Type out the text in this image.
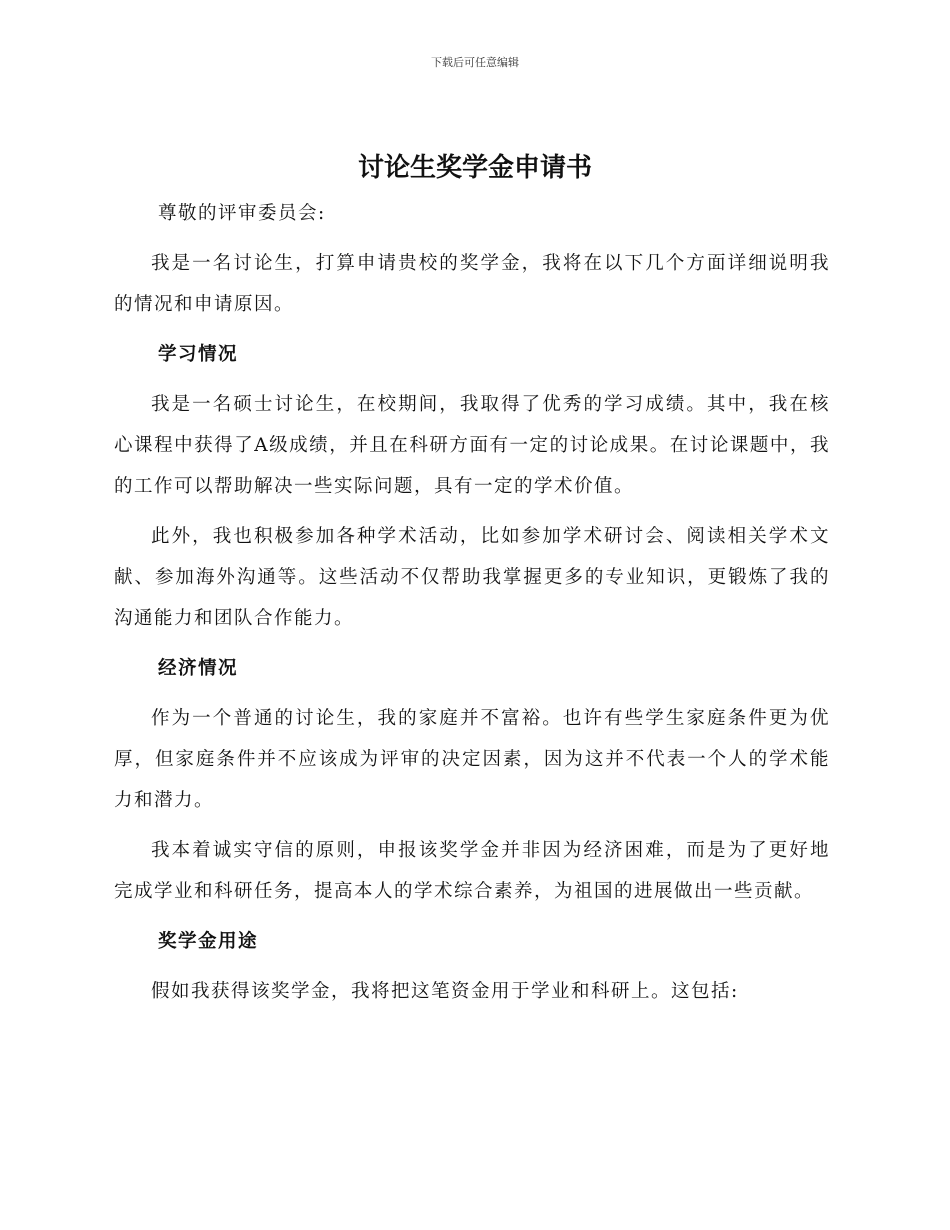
下载后可任意编辑
讨论生奖学金申请书

尊敬的评审委员会:

我是一名讨论生，打算申请贵校的奖学金，我将在以下几个方面详细说明我的情况和申请原因。

学习情况

我是一名硕士讨论生，在校期间，我取得了优秀的学习成绩。其中，我在核心课程中获得了A级成绩，并且在科研方面有一定的讨论成果。在讨论课题中，我的工作可以帮助解决一些实际问题，具有一定的学术价值。

此外，我也积极参加各种学术活动，比如参加学术研讨会、阅读相关学术文献、参加海外沟通等。这些活动不仅帮助我掌握更多的专业知识，更锻炼了我的沟通能力和团队合作能力。

经济情况

作为一个普通的讨论生，我的家庭并不富裕。也许有些学生家庭条件更为优厚，但家庭条件并不应该成为评审的决定因素，因为这并不代表一个人的学术能力和潜力。

我本着诚实守信的原则，申报该奖学金并非因为经济困难，而是为了更好地完成学业和科研任务，提高本人的学术综合素养，为祖国的进展做出一些贡献。

奖学金用途

假如我获得该奖学金，我将把这笔资金用于学业和科研上。这包括:
